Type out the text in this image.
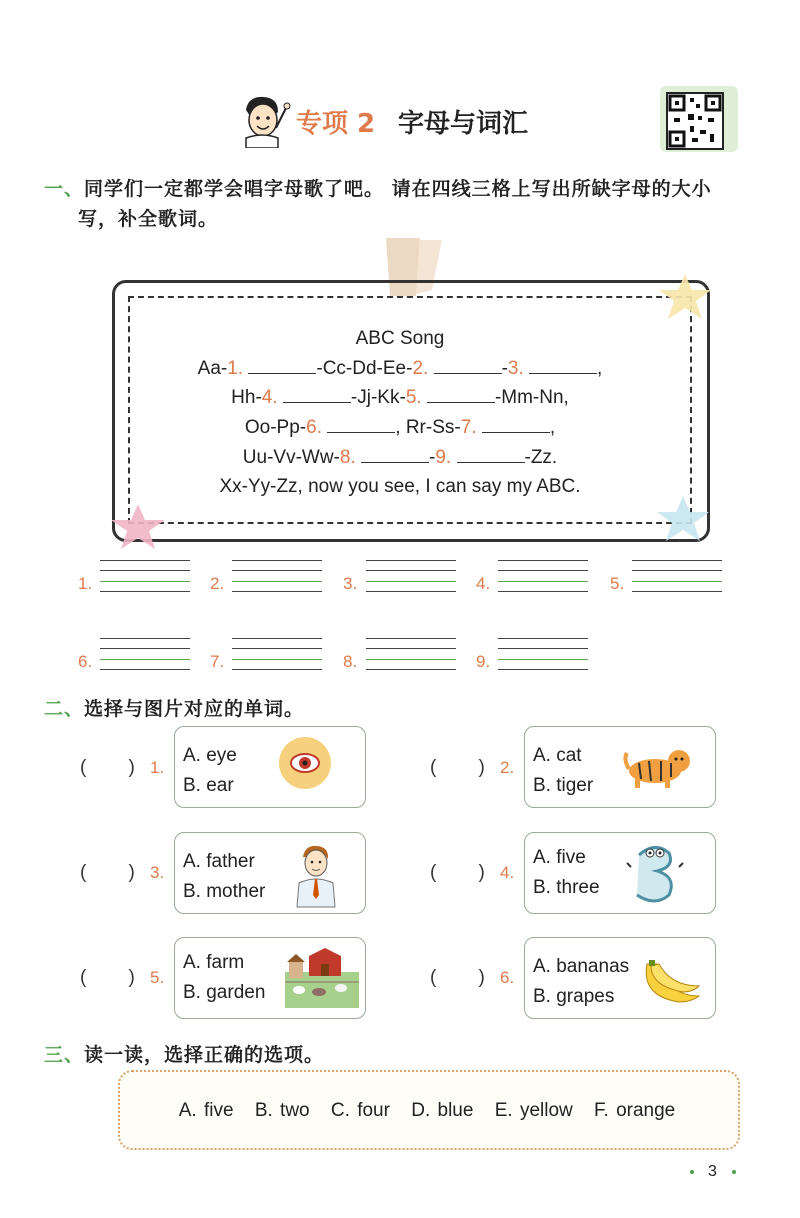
专项 2 字母与词汇
一、同学们一定都学会唱字母歌了吧。 请在四线三格上写出所缺字母的大小
写，补全歌词。
ABC Song
Aa-1.	-Cc-Dd-Ee-2.	-3.	,
Hh-4.	-Jj-Kk-5.	-Mm-Nn,
Oo-Pp-6.	, Rr-Ss-7.	,
Uu-Vv-Ww-8.	-9.	-Zz.
Xx-Yy-Zz, now you see, I can say my ABC.
1.	2.	3.	4.	5.
6.	7.	8.	9.
二、选择与图片对应的单词。
(        ) 1.
A. eye
B. ear
(        ) 2.
A. cat
B. tiger
(        ) 3.
A. father
B. mother
(        ) 4.
A. five
B. three
(        ) 5.
A. farm
B. garden
(        ) 6.
A. bananas
B. grapes
三、读一读，选择正确的选项。
A. five B. two C. four D. blue E. yellow F. orange
3
